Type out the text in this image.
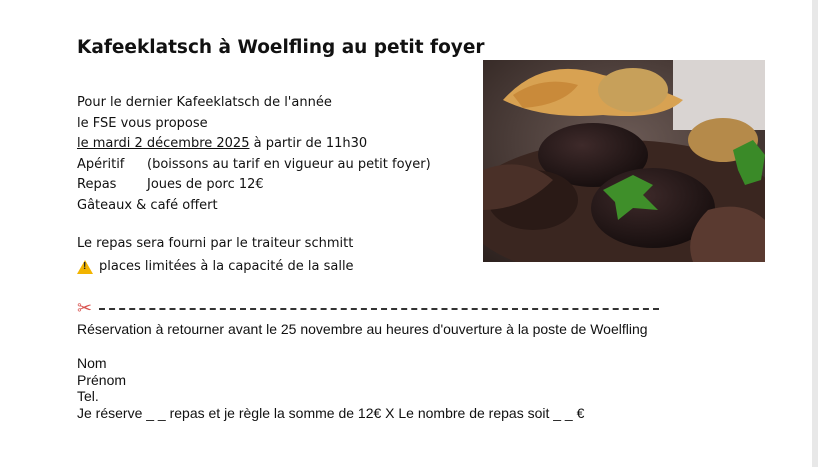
Kafeeklatsch à Woelfling au petit foyer
Pour le dernier Kafeeklatsch de l'année
le FSE vous propose
le mardi 2 décembre 2025 à partir de 11h30
Apéritif (boissons au tarif en vigueur au petit foyer)
Repas Joues de porc 12€
Gâteaux & café offert
Le repas sera fourni par le traiteur schmitt
!
places limitées à la capacité de la salle
✂
Réservation à retourner avant le 25 novembre au heures d'ouverture à la poste de Woelfling
Nom
Prénom
Tel.
Je réserve _ _ repas et je règle la somme de 12€ X Le nombre de repas soit _ _ €
